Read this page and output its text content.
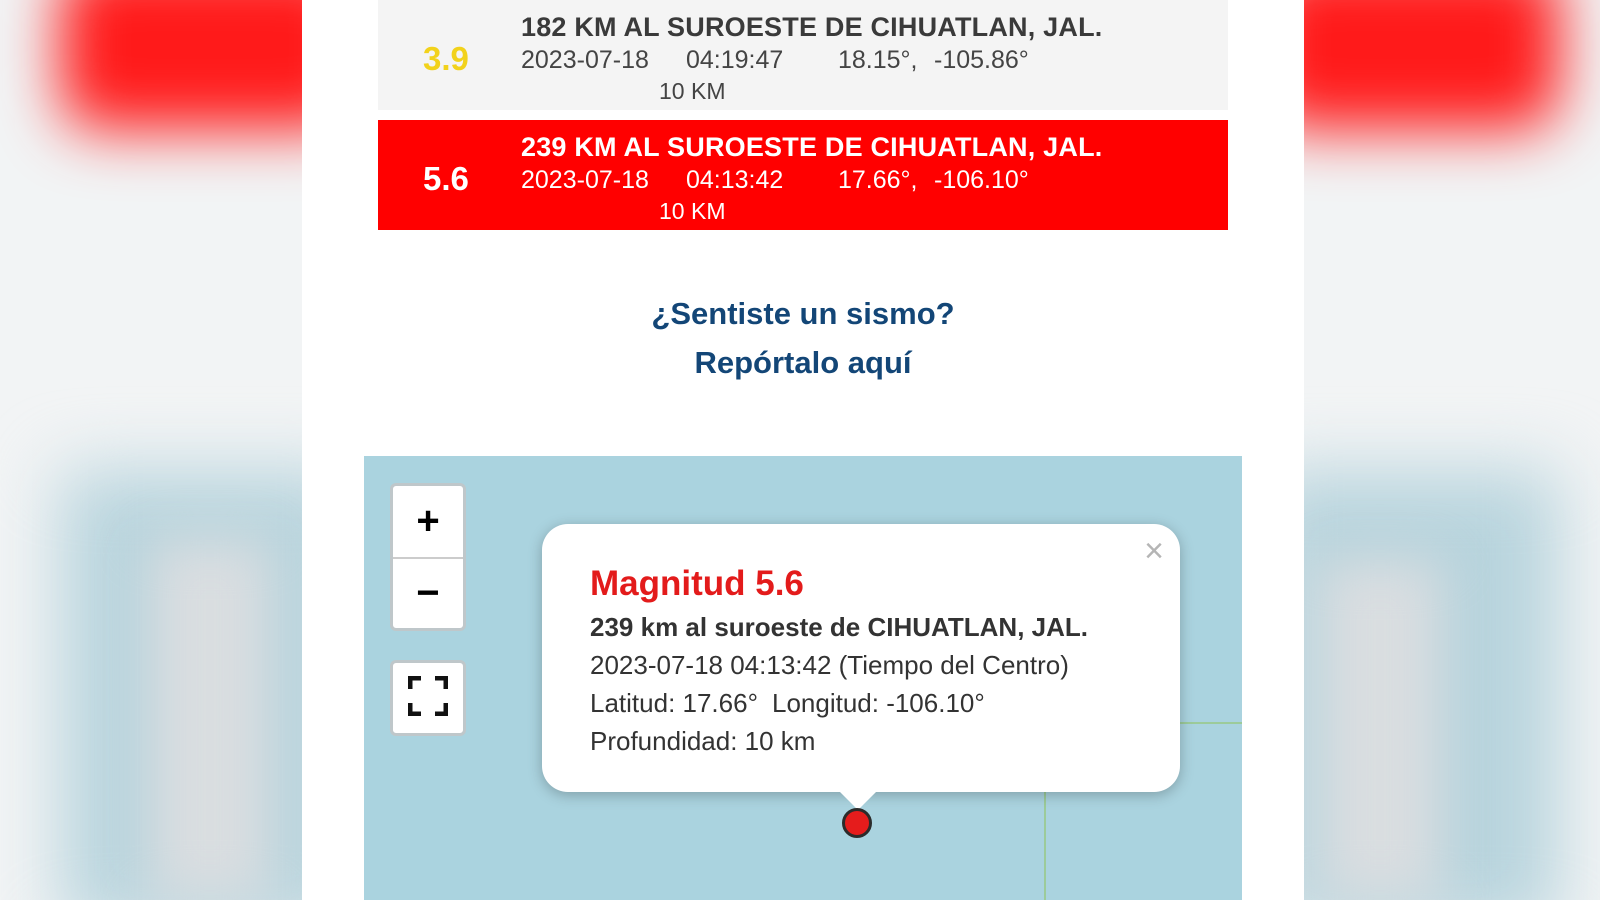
3.9
182 KM AL SUROESTE DE CIHUATLAN, JAL.
2023-07-18 04:19:47 18.15°, -105.86°
10 KM
5.6
239 KM AL SUROESTE DE CIHUATLAN, JAL.
2023-07-18 04:13:42 17.66°, -106.10°
10 KM
¿Sentiste un sismo?
Repórtalo aquí
+
−
×
Magnitud 5.6
239 km al suroeste de CIHUATLAN, JAL.
2023-07-18 04:13:42 (Tiempo del Centro)
Latitud: 17.66° Longitud: -106.10°
Profundidad: 10 km
